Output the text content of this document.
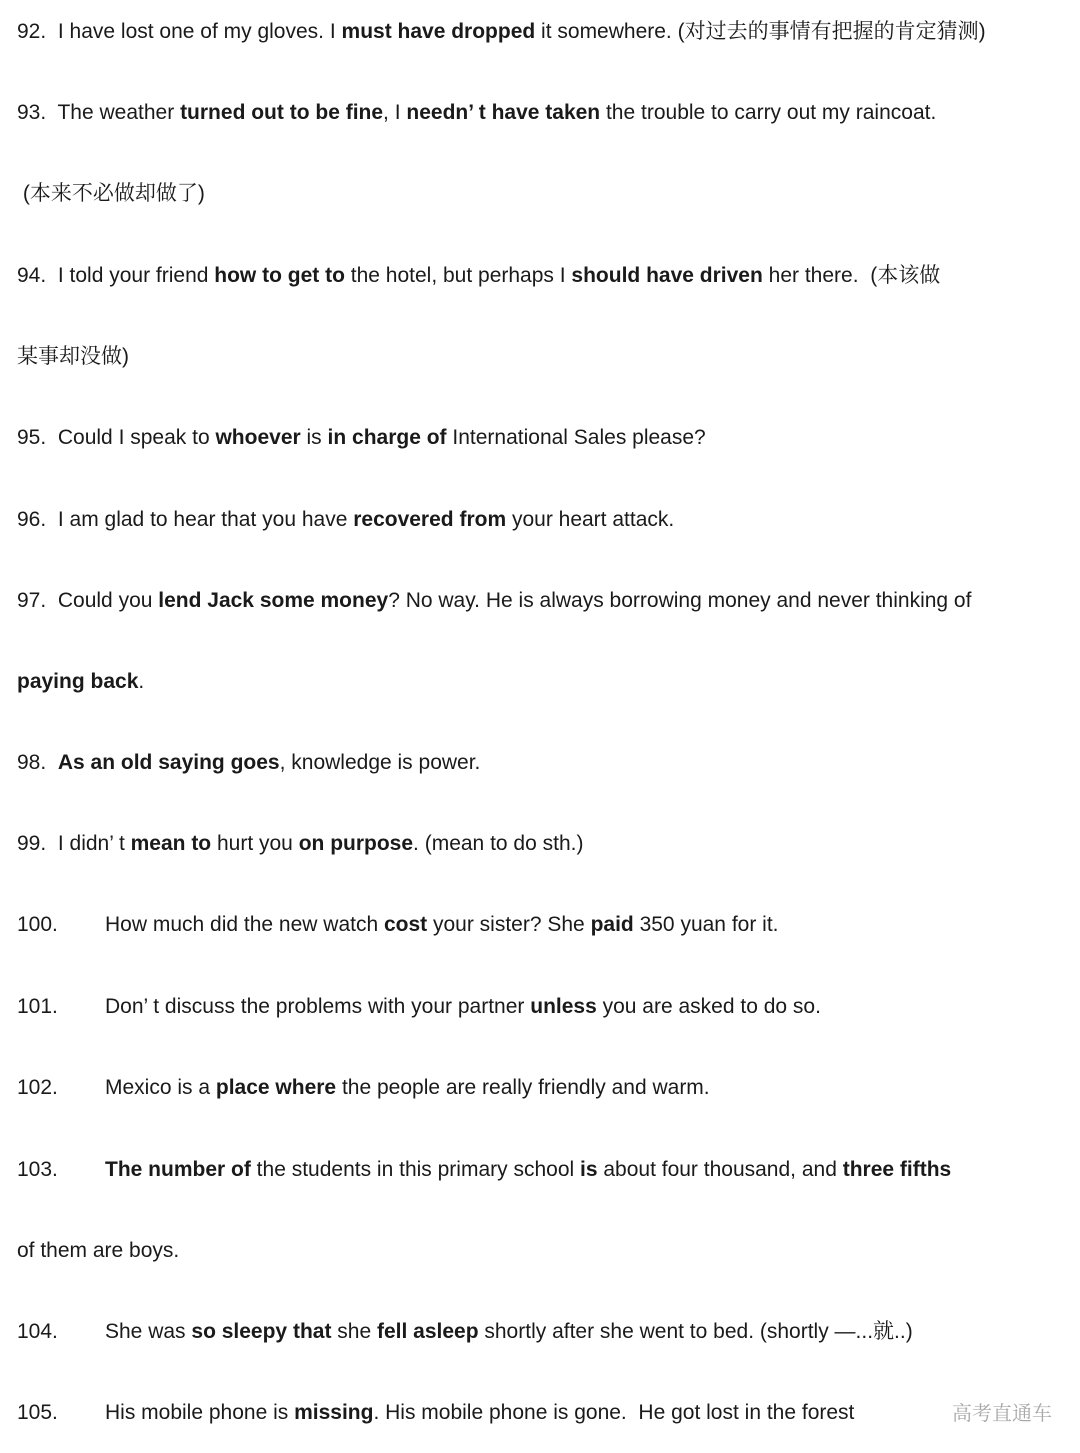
92.  I have lost one of my gloves. I must have dropped it somewhere. (对过去的事情有把握的肯定猜测)
93.  The weather turned out to be fine, I needn’ t have taken the trouble to carry out my raincoat.
(本来不必做却做了)
94.  I told your friend how to get to the hotel, but perhaps I should have driven her there.  (本该做
某事却没做)
95.  Could I speak to whoever is in charge of International Sales please?
96.  I am glad to hear that you have recovered from your heart attack.
97.  Could you lend Jack some money? No way. He is always borrowing money and never thinking of
paying back.
98.  As an old saying goes, knowledge is power.
99.  I didn’ t mean to hurt you on purpose. (mean to do sth.)
100. How much did the new watch cost your sister? She paid 350 yuan for it.
101. Don’ t discuss the problems with your partner unless you are asked to do so.
102. Mexico is a place where the people are really friendly and warm.
103. The number of the students in this primary school is about four thousand, and three fifths
of them are boys.
104. She was so sleepy that she fell asleep shortly after she went to bed. (shortly —...就..)
105. His mobile phone is missing. His mobile phone is gone.  He got lost in the forest	高考直通车
